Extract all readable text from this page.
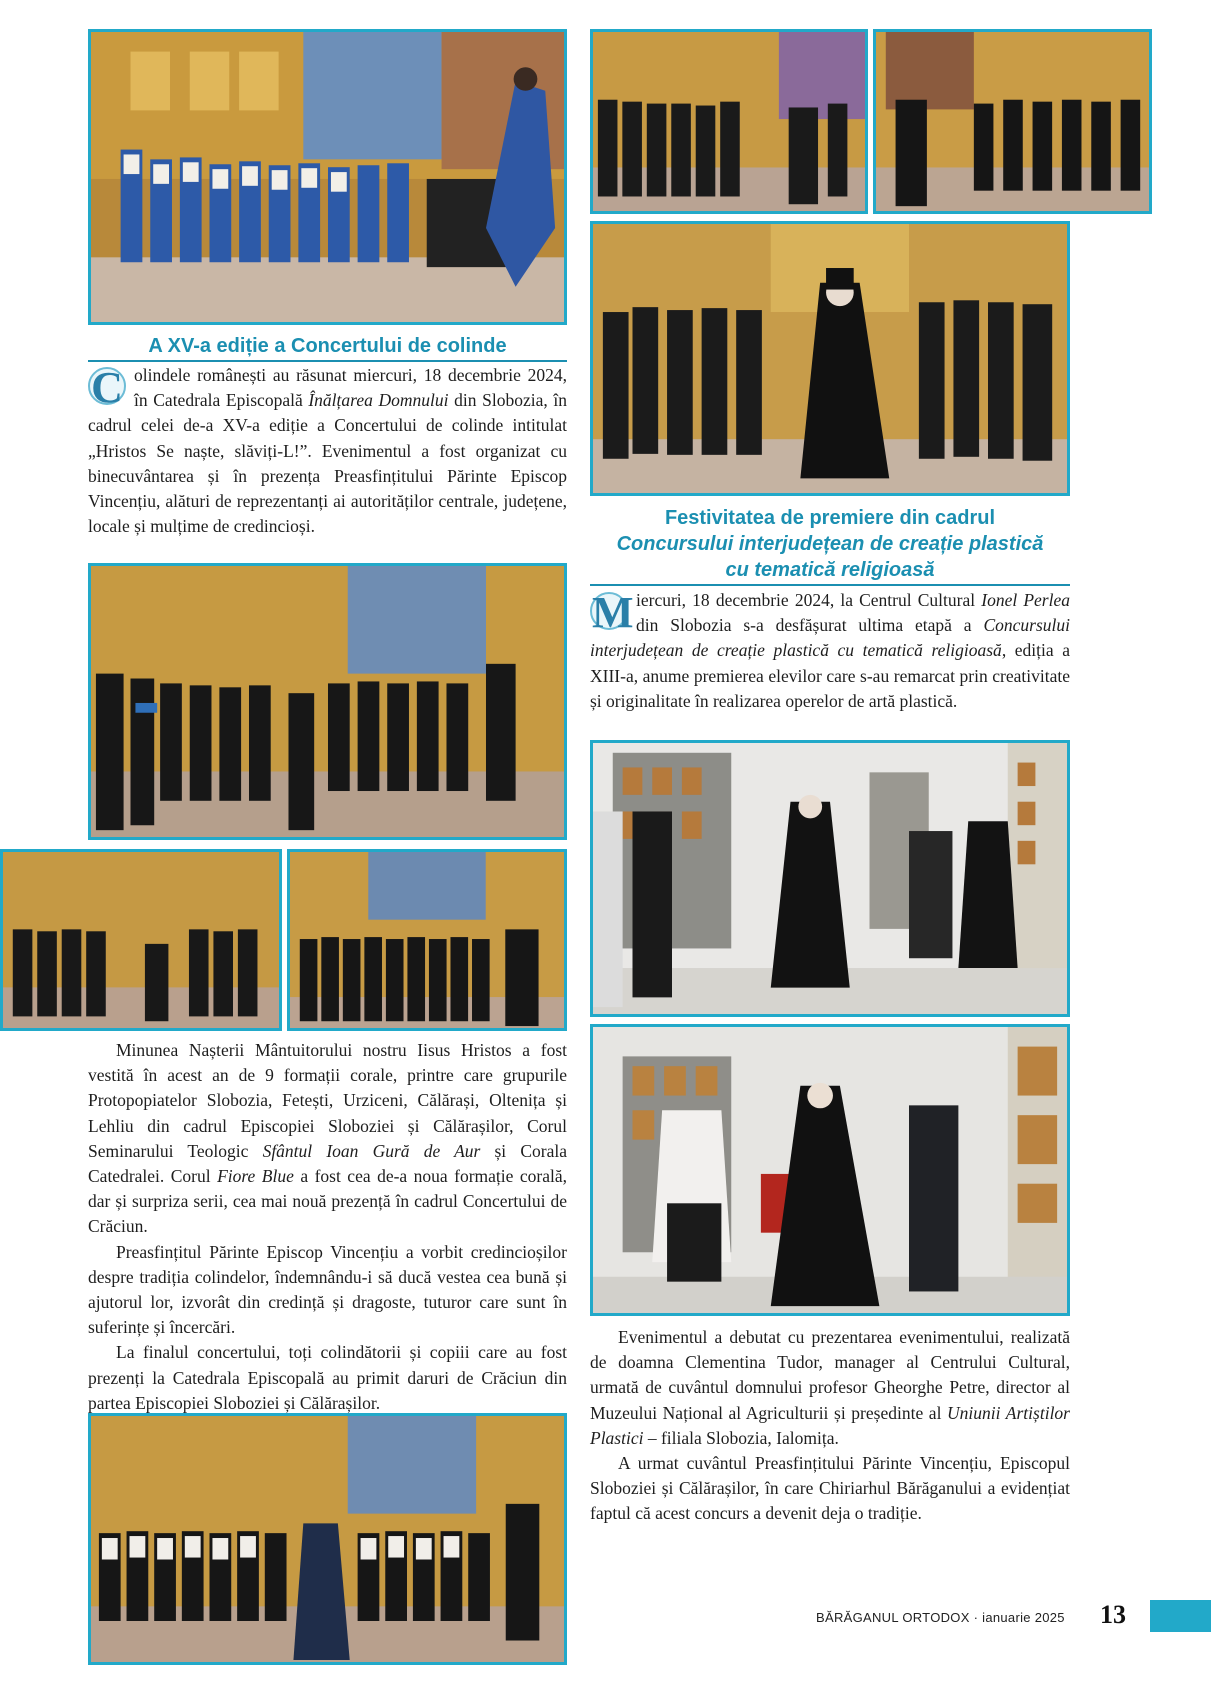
A XV-a ediție a Concertului de colinde

C olindele românești au răsunat miercuri, 18 decembrie 2024, în Catedrala Episcopală Înălțarea Domnului din Slobozia, în cadrul celei de-a XV-a ediție a Concertului de colinde intitulat „Hristos Se naște, slăviți-L!”. Evenimentul a fost organizat cu binecuvântarea și în prezența Preasfințitului Părinte Episcop Vincențiu, alături de reprezentanți ai autorităților centrale, județene, locale și mulțime de credincioși.

Minunea Nașterii Mântuitorului nostru Iisus Hristos a fost vestită în acest an de 9 formații corale, printre care grupurile Protopopiatelor Slobozia, Fetești, Urziceni, Călărași, Oltenița și Lehliu din cadrul Episcopiei Sloboziei și Călărașilor, Corul Seminarului Teologic Sfântul Ioan Gură de Aur și Corala Catedralei. Corul Fiore Blue a fost cea de-a noua formație corală, dar și surpriza serii, cea mai nouă prezență în cadrul Concertului de Crăciun.

Preasfințitul Părinte Episcop Vincențiu a vorbit credincioșilor despre tradiția colindelor, îndemnându-i să ducă vestea cea bună și ajutorul lor, izvorât din credință și dragoste, tuturor care sunt în suferințe și încercări.

La finalul concertului, toți colindătorii și copiii care au fost prezenți la Catedrala Episcopală au primit daruri de Crăciun din partea Episcopiei Sloboziei și Călărașilor.

Festivitatea de premiere din cadrul
Concursului interjudețean de creație plastică
cu tematică religioasă

M iercuri, 18 decembrie 2024, la Centrul Cultural Ionel Perlea din Slobozia s-a desfășurat ultima etapă a Concursului interjudețean de creație plastică cu tematică religioasă, ediția a XIII-a, anume premierea elevilor care s-au remarcat prin creativitate și originalitate în realizarea operelor de artă plastică.

Evenimentul a debutat cu prezentarea evenimentului, realizată de doamna Clementina Tudor, manager al Centrului Cultural, urmată de cuvântul domnului profesor Gheorghe Petre, director al Muzeului Național al Agriculturii și președinte al Uniunii Artiștilor Plastici – filiala Slobozia, Ialomița.

A urmat cuvântul Preasfințitului Părinte Vincențiu, Episcopul Sloboziei și Călărașilor, în care Chiriarhul Bărăganului a evidențiat faptul că acest concurs a devenit deja o tradiție.

BĂRĂGANUL ORTODOX · ianuarie 2025 13
